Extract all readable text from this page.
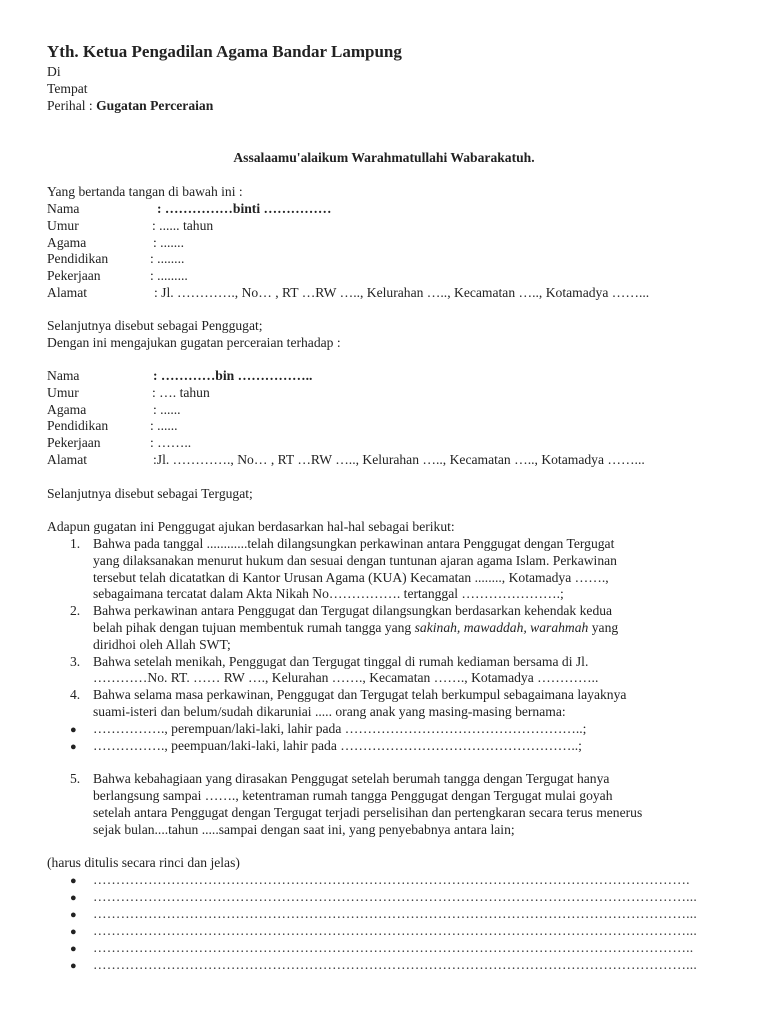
Yth. Ketua Pengadilan Agama Bandar Lampung
Di
Tempat
Perihal : Gugatan Perceraian
Assalaamu'alaikum Warahmatullahi Wabarakatuh.
Yang bertanda tangan di bawah ini :
Nama	: ……………binti ……………
Umur	: ...... tahun
Agama	: .......
Pendidikan	: ........
Pekerjaan	: .........
Alamat	: Jl. …………., No… , RT …RW ….., Kelurahan ….., Kecamatan ….., Kotamadya ……...
Selanjutnya disebut sebagai Penggugat;
Dengan ini mengajukan gugatan perceraian terhadap :
Nama	: …………bin ……………..
Umur	: …. tahun
Agama	: ......
Pendidikan	: ......
Pekerjaan	: ……..
Alamat	:Jl. …………., No… , RT …RW ….., Kelurahan ….., Kecamatan ….., Kotamadya ……...
Selanjutnya disebut sebagai Tergugat;
Adapun gugatan ini Penggugat ajukan berdasarkan hal-hal sebagai berikut:
1. Bahwa pada tanggal ............telah dilangsungkan perkawinan antara Penggugat dengan Tergugat
yang dilaksanakan menurut hukum dan sesuai dengan tuntunan ajaran agama Islam. Perkawinan
tersebut telah dicatatkan di Kantor Urusan Agama (KUA) Kecamatan ........, Kotamadya …….,
sebagaimana tercatat dalam Akta Nikah No……………. tertanggal ………………….;
2. Bahwa perkawinan antara Penggugat dan Tergugat dilangsungkan berdasarkan kehendak kedua
belah pihak dengan tujuan membentuk rumah tangga yang sakinah, mawaddah, warahmah yang
diridhoi oleh Allah SWT;
3. Bahwa setelah menikah, Penggugat dan Tergugat tinggal di rumah kediaman bersama di Jl.
…………No. RT. …… RW …., Kelurahan ……., Kecamatan ……., Kotamadya …………..
4. Bahwa selama masa perkawinan, Penggugat dan Tergugat telah berkumpul sebagaimana layaknya
suami-isteri dan belum/sudah dikaruniai ..... orang anak yang masing-masing bernama:
● ……………., perempuan/laki-laki, lahir pada ……………………………………………..;
● ……………., peempuan/laki-laki, lahir pada ……………………………………………..;
5. Bahwa kebahagiaan yang dirasakan Penggugat setelah berumah tangga dengan Tergugat hanya
berlangsung sampai ……., ketentraman rumah tangga Penggugat dengan Tergugat mulai goyah
setelah antara Penggugat dengan Tergugat terjadi perselisihan dan pertengkaran secara terus menerus
sejak bulan....tahun .....sampai dengan saat ini, yang penyebabnya antara lain;
(harus ditulis secara rinci dan jelas)
● ………………………………………………………………………………………………………………….
● …………………………………………………………………………………………………………………...
● …………………………………………………………………………………………………………………...
● …………………………………………………………………………………………………………………...
● …………………………………………………………………………………………………………………..
● …………………………………………………………………………………………………………………...
